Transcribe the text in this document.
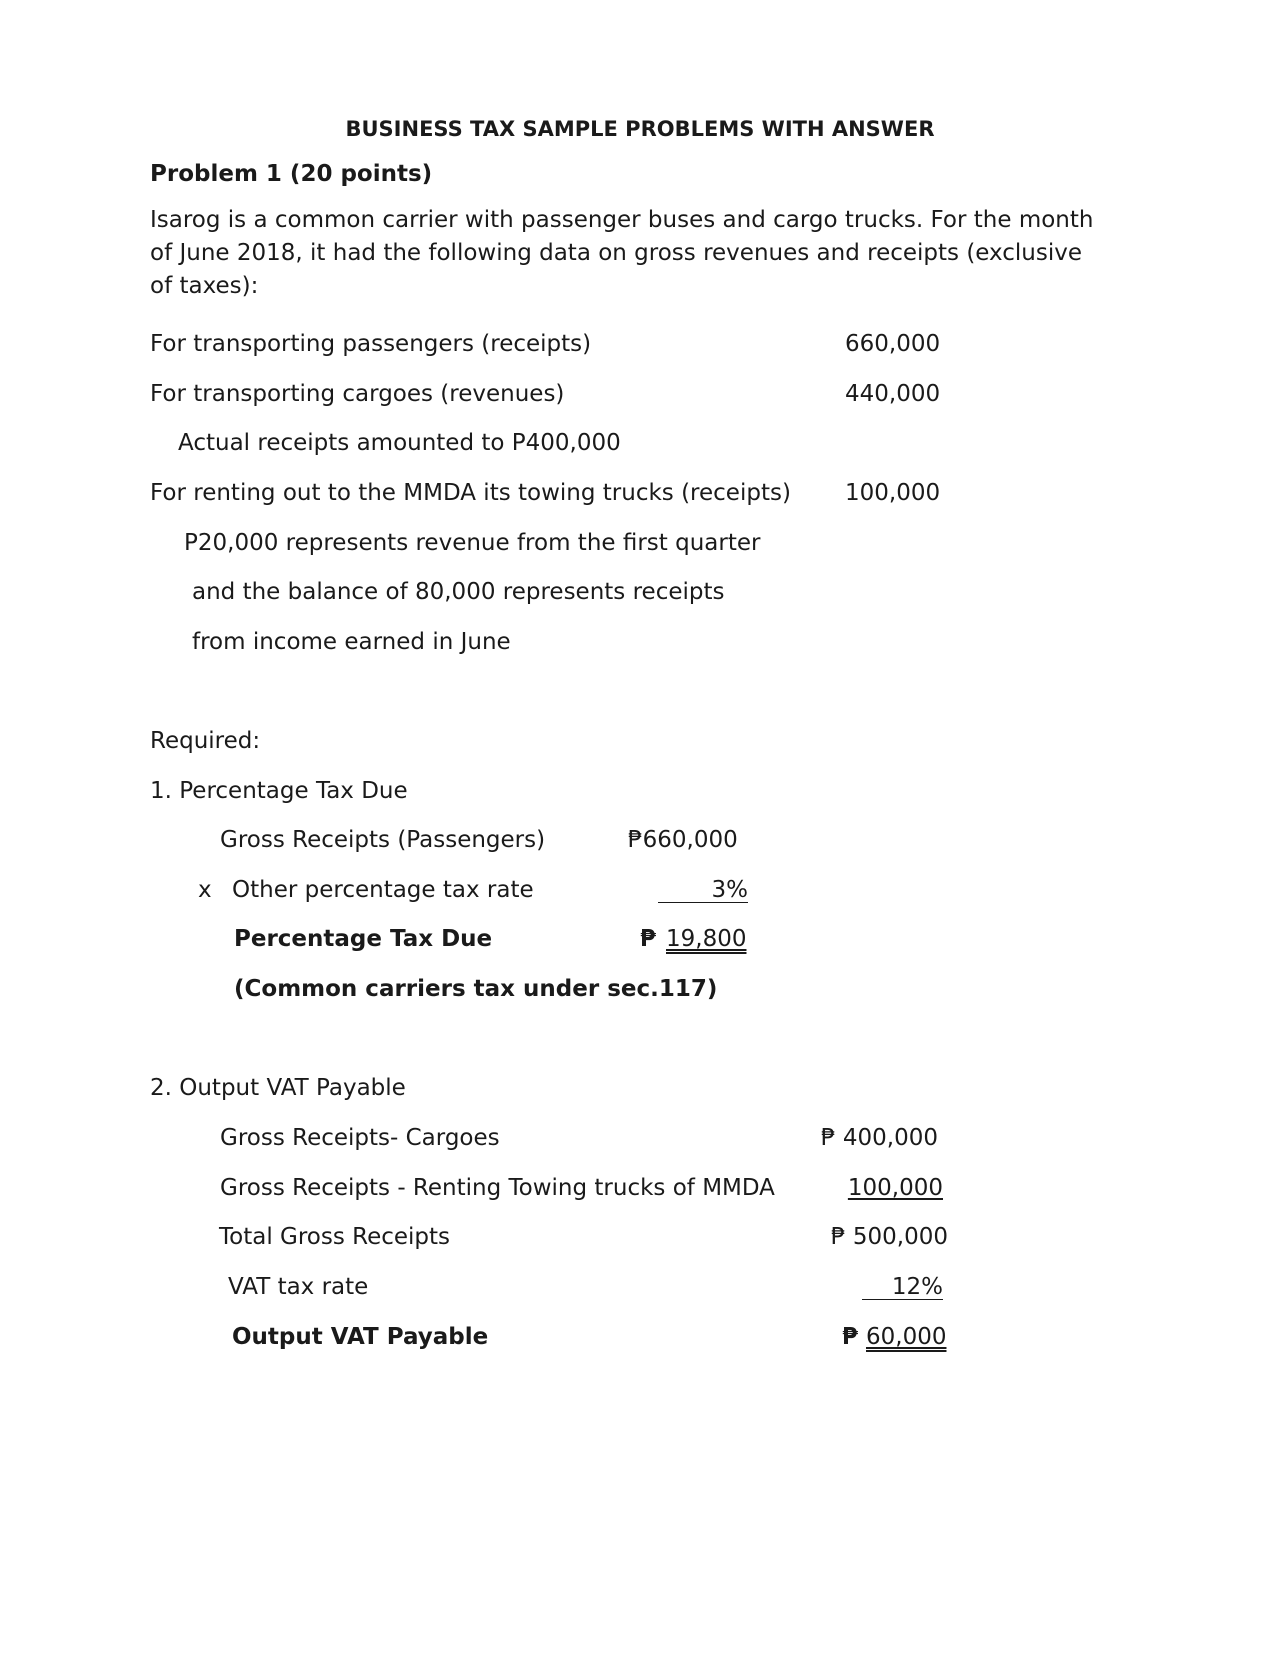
BUSINESS TAX SAMPLE PROBLEMS WITH ANSWER
Problem 1 (20 points)
Isarog is a common carrier with passenger buses and cargo trucks. For the month of June 2018, it had the following data on gross revenues and receipts (exclusive of taxes):
For transporting passengers (receipts)	660,000
For transporting cargoes (revenues)	440,000
Actual receipts amounted to P400,000
For renting out to the MMDA its towing trucks (receipts) 100,000
P20,000 represents revenue from the first quarter
and the balance of 80,000 represents receipts
from income earned in June
Required:
1. Percentage Tax Due
Gross Receipts (Passengers)	₱660,000
x Other percentage tax rate	3%
Percentage Tax Due	₱ 19,800
(Common carriers tax under sec.117)
2. Output VAT Payable
Gross Receipts- Cargoes	₱ 400,000
Gross Receipts - Renting Towing trucks of MMDA	100,000
Total Gross Receipts	₱ 500,000
VAT tax rate	12%
Output VAT Payable	₱ 60,000
